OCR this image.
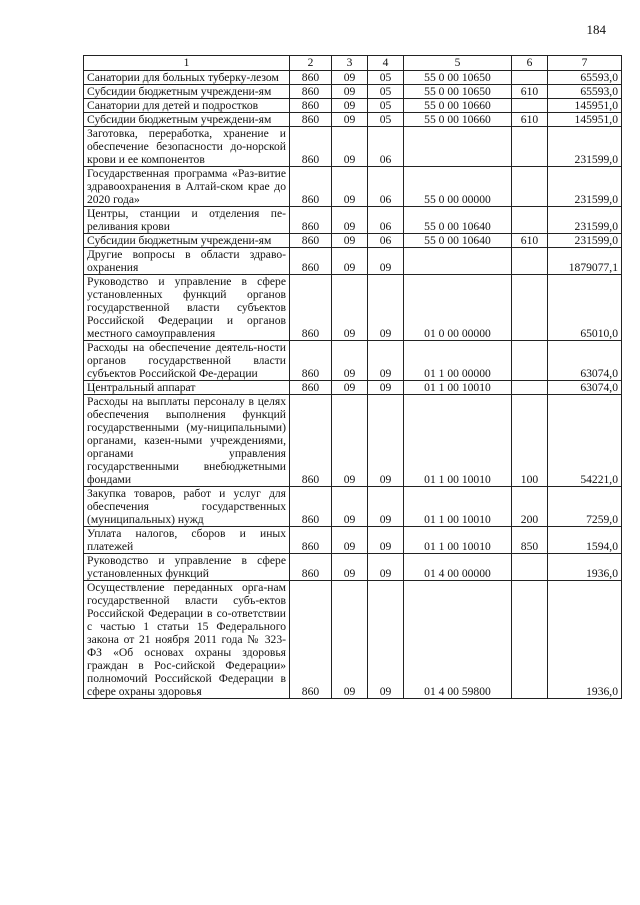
184
1	2	3	4	5	6	7
Санатории для больных туберку-лезом	860	09	05	55 0 00 10650		65593,0
Субсидии бюджетным учреждени-ям	860	09	05	55 0 00 10650	610	65593,0
Санатории для детей и подростков	860	09	05	55 0 00 10660		145951,0
Субсидии бюджетным учреждени-ям	860	09	05	55 0 00 10660	610	145951,0
Заготовка, переработка, хранение и обеспечение безопасности до-норской крови и ее компонентов	860	09	06			231599,0
Государственная программа «Раз-витие здравоохранения в Алтай-ском крае до 2020 года»	860	09	06	55 0 00 00000		231599,0
Центры, станции и отделения пе-реливания крови	860	09	06	55 0 00 10640		231599,0
Субсидии бюджетным учреждени-ям	860	09	06	55 0 00 10640	610	231599,0
Другие вопросы в области здраво-охранения	860	09	09			1879077,1
Руководство и управление в сфере установленных функций органов государственной власти субъектов Российской Федерации и органов местного самоуправления	860	09	09	01 0 00 00000		65010,0
Расходы на обеспечение деятель-ности органов государственной власти субъектов Российской Фе-дерации	860	09	09	01 1 00 00000		63074,0
Центральный аппарат	860	09	09	01 1 00 10010		63074,0
Расходы на выплаты персоналу в целях обеспечения выполнения функций государственными (му-ниципальными) органами, казен-ными учреждениями, органами управления государственными внебюджетными фондами	860	09	09	01 1 00 10010	100	54221,0
Закупка товаров, работ и услуг для обеспечения государственных (муниципальных) нужд	860	09	09	01 1 00 10010	200	7259,0
Уплата налогов, сборов и иных платежей	860	09	09	01 1 00 10010	850	1594,0
Руководство и управление в сфере установленных функций	860	09	09	01 4 00 00000		1936,0
Осуществление переданных орга-нам государственной власти субъ-ектов Российской Федерации в со-ответствии с частью 1 статьи 15 Федерального закона от 21 ноября 2011 года № 323-ФЗ «Об основах охраны здоровья граждан в Рос-сийской Федерации» полномочий Российской Федерации в сфере охраны здоровья	860	09	09	01 4 00 59800		1936,0
